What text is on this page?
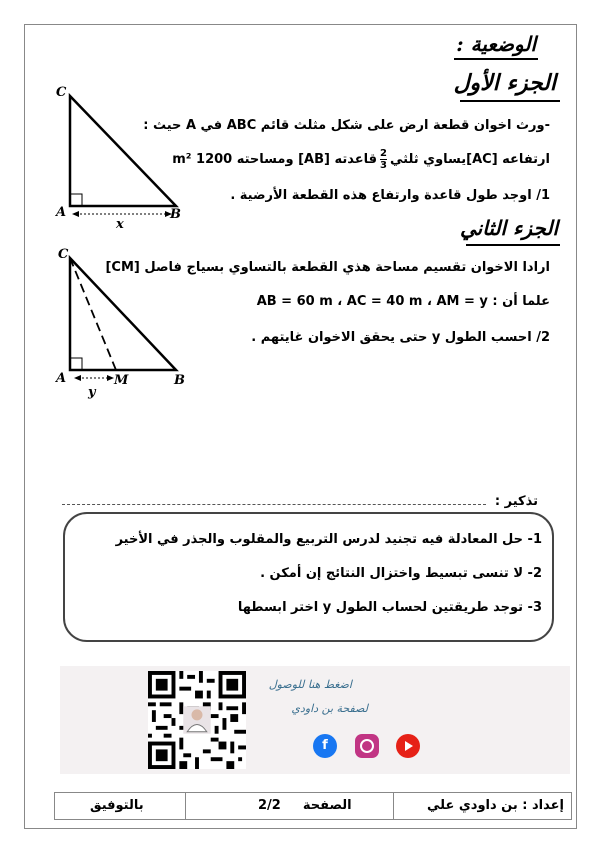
الوضعية :
الجزء الأول
-ورث اخوان قطعة ارض على شكل مثلث قائم ABC في A حيث :
ارتفاعه [AC]يساوي ثلثي
$\frac{2}{3}$
قاعدته [AB] ومساحته 1200 m²
1/ اوجد طول قاعدة وارتفاع هذه القطعة الأرضية .
الجزء الثاني
ارادا الاخوان تقسيم مساحة هذي القطعة بالتساوي بسياج فاصل [CM]
علما أن : AB = 60 m ، AC = 40 m ، AM = y
2/ احسب الطول y حتى يحقق الاخوان غايتهم .
C
A	B
x
C
A	M	B
y
تذكير :
1- حل المعادلة فيه تجنيد لدرس التربيع والمقلوب والجذر في الأخير
2- لا تنسى تبسيط واختزال النتائج إن أمكن .
3- توجد طريقتين لحساب الطول y اختر ابسطها
اضغط هنا للوصول
لصفحة بن داودي
f
إعداد : بن داودي علي
الصفحة
2/2
بالتوفيق
